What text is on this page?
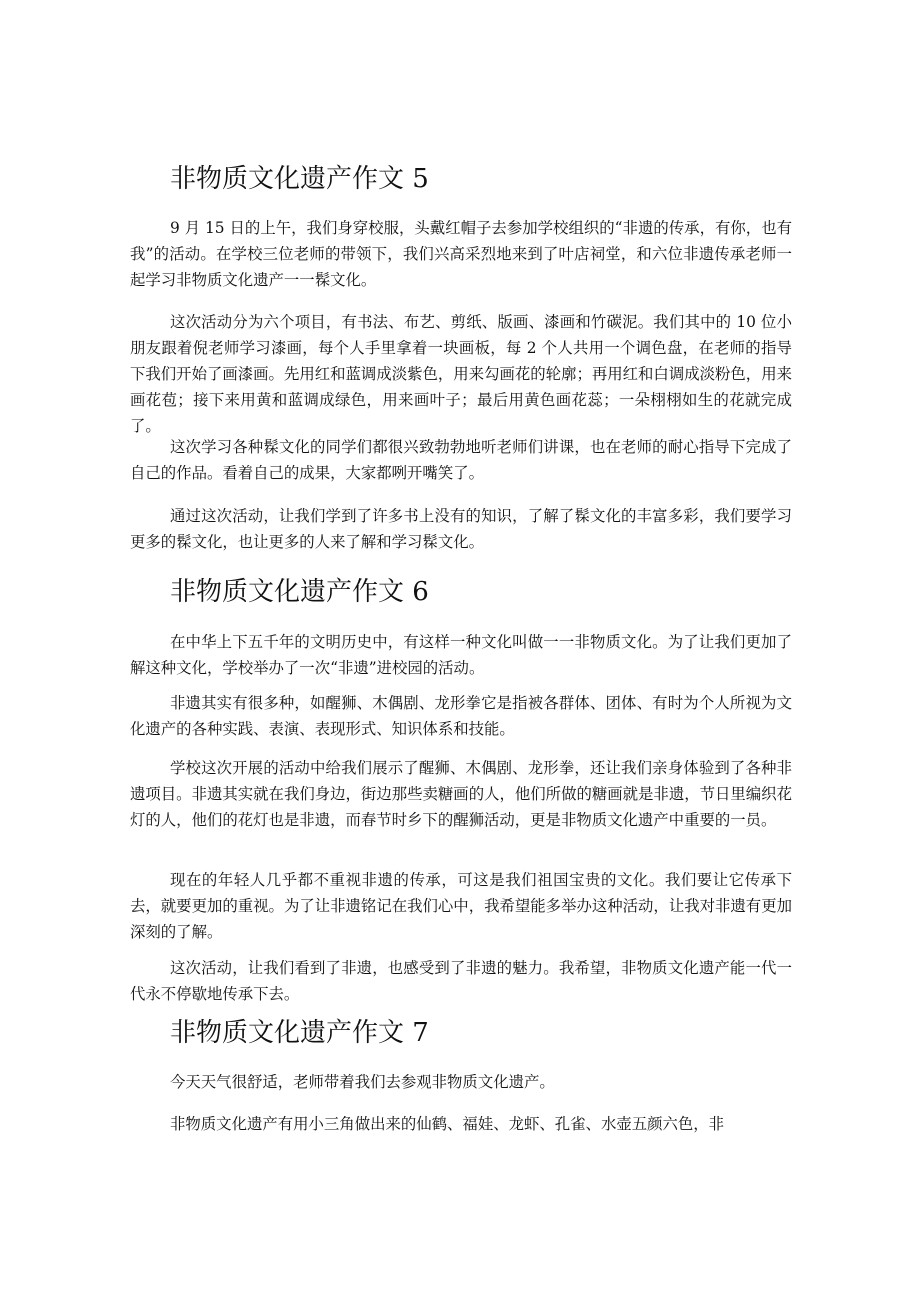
非物质文化遗产作文 5

9 月 15 日的上午，我们身穿校服，头戴红帽子去参加学校组织的“非遗的传承，有你，也有我”的活动。在学校三位老师的带领下，我们兴高采烈地来到了叶店祠堂，和六位非遗传承老师一起学习非物质文化遗产一一髹文化。

这次活动分为六个项目，有书法、布艺、剪纸、版画、漆画和竹碳泥。我们其中的 10 位小朋友跟着倪老师学习漆画，每个人手里拿着一块画板，每 2 个人共用一个调色盘，在老师的指导下我们开始了画漆画。先用红和蓝调成淡紫色，用来勾画花的轮廓；再用红和白调成淡粉色，用来画花苞；接下来用黄和蓝调成绿色，用来画叶子；最后用黄色画花蕊；一朵栩栩如生的花就完成了。

这次学习各种髹文化的同学们都很兴致勃勃地听老师们讲课，也在老师的耐心指导下完成了自己的作品。看着自己的成果，大家都咧开嘴笑了。

通过这次活动，让我们学到了许多书上没有的知识，了解了髹文化的丰富多彩，我们要学习更多的髹文化，也让更多的人来了解和学习髹文化。

非物质文化遗产作文 6

在中华上下五千年的文明历史中，有这样一种文化叫做一一非物质文化。为了让我们更加了解这种文化，学校举办了一次“非遗”进校园的活动。

非遗其实有很多种，如醒狮、木偶剧、龙形拳它是指被各群体、团体、有时为个人所视为文化遗产的各种实践、表演、表现形式、知识体系和技能。

学校这次开展的活动中给我们展示了醒狮、木偶剧、龙形拳，还让我们亲身体验到了各种非遗项目。非遗其实就在我们身边，街边那些卖糖画的人，他们所做的糖画就是非遗，节日里编织花灯的人，他们的花灯也是非遗，而春节时乡下的醒狮活动，更是非物质文化遗产中重要的一员。

现在的年轻人几乎都不重视非遗的传承，可这是我们祖国宝贵的文化。我们要让它传承下去，就要更加的重视。为了让非遗铭记在我们心中，我希望能多举办这种活动，让我对非遗有更加深刻的了解。

这次活动，让我们看到了非遗，也感受到了非遗的魅力。我希望，非物质文化遗产能一代一代永不停歇地传承下去。

非物质文化遗产作文 7

今天天气很舒适，老师带着我们去参观非物质文化遗产。

非物质文化遗产有用小三角做出来的仙鹤、福娃、龙虾、孔雀、水壶五颜六色，非
